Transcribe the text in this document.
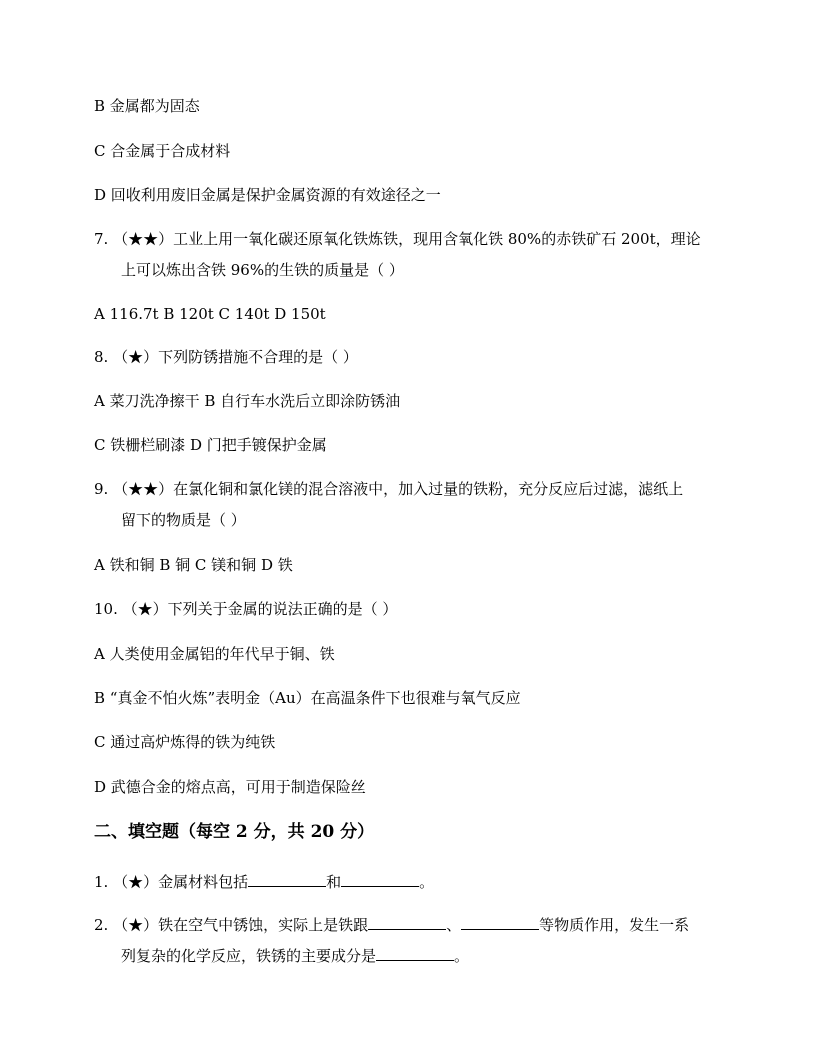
B 金属都为固态
C 合金属于合成材料
D 回收利用废旧金属是保护金属资源的有效途径之一
7. （★★）工业上用一氧化碳还原氧化铁炼铁，现用含氧化铁 80%的赤铁矿石 200t，理论
上可以炼出含铁 96%的生铁的质量是（ ）
A 116.7t B 120t C 140t D 150t
8. （★）下列防锈措施不合理的是（ ）
A 菜刀洗净擦干 B 自行车水洗后立即涂防锈油
C 铁栅栏刷漆 D 门把手镀保护金属
9. （★★）在氯化铜和氯化镁的混合溶液中，加入过量的铁粉，充分反应后过滤，滤纸上
留下的物质是（ ）
A 铁和铜 B 铜 C 镁和铜 D 铁
10. （★）下列关于金属的说法正确的是（ ）
A 人类使用金属铝的年代早于铜、铁
B “真金不怕火炼”表明金（Au）在高温条件下也很难与氧气反应
C 通过高炉炼得的铁为纯铁
D 武德合金的熔点高，可用于制造保险丝
二、填空题（每空 2 分，共 20 分）
1. （★）金属材料包括	和	。
2. （★）铁在空气中锈蚀，实际上是铁跟	、	等物质作用，发生一系
列复杂的化学反应，铁锈的主要成分是	。
